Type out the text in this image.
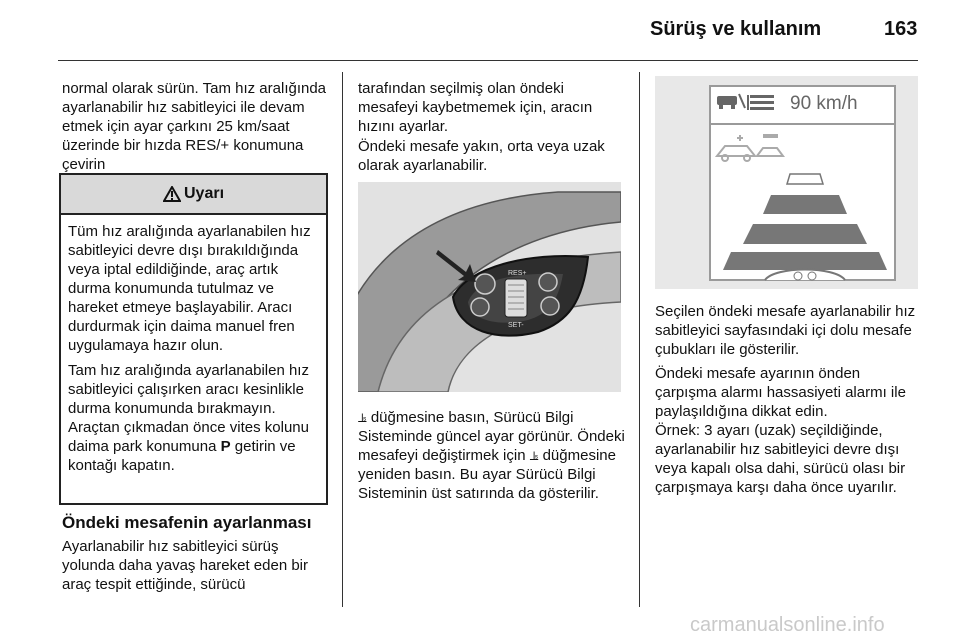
Sürüş ve kullanım	163

normal olarak sürün. Tam hız aralığında ayarlanabilir hız sabitleyici ile devam etmek için ayar çarkını 25 km/saat üzerinde bir hızda RES/+ konumuna çevirin

Uyarı

Tüm hız aralığında ayarlanabilen hız sabitleyici devre dışı bırakıldığında veya iptal edildiğinde, araç artık durma konumunda tutulmaz ve hareket etmeye başlayabilir. Aracı durdurmak için daima manuel fren uygulamaya hazır olun.

Tam hız aralığında ayarlanabilen hız sabitleyici çalışırken aracı kesinlikle durma konumunda bırakmayın. Araçtan çıkmadan önce vites kolunu daima park konumuna P getirin ve kontağı kapatın.

Öndeki mesafenin ayarlanması

Ayarlanabilir hız sabitleyici sürüş yolunda daha yavaş hareket eden bir araç tespit ettiğinde, sürücü

tarafından seçilmiş olan öndeki mesafeyi kaybetmemek için, aracın hızını ayarlar.

Öndeki mesafe yakın, orta veya uzak olarak ayarlanabilir.

RES+
SET-

⫡ düğmesine basın, Sürücü Bilgi Sisteminde güncel ayar görünür. Öndeki mesafeyi değiştirmek için ⫡ düğmesine yeniden basın. Bu ayar Sürücü Bilgi Sisteminin üst satırında da gösterilir.

90 km/h

Seçilen öndeki mesafe ayarlanabilir hız sabitleyici sayfasındaki içi dolu mesafe çubukları ile gösterilir.

Öndeki mesafe ayarının önden çarpışma alarmı hassasiyeti alarmı ile paylaşıldığına dikkat edin.

Örnek: 3 ayarı (uzak) seçildiğinde, ayarlanabilir hız sabitleyici devre dışı veya kapalı olsa dahi, sürücü olası bir çarpışmaya karşı daha önce uyarılır.

carmanualsonline.info
